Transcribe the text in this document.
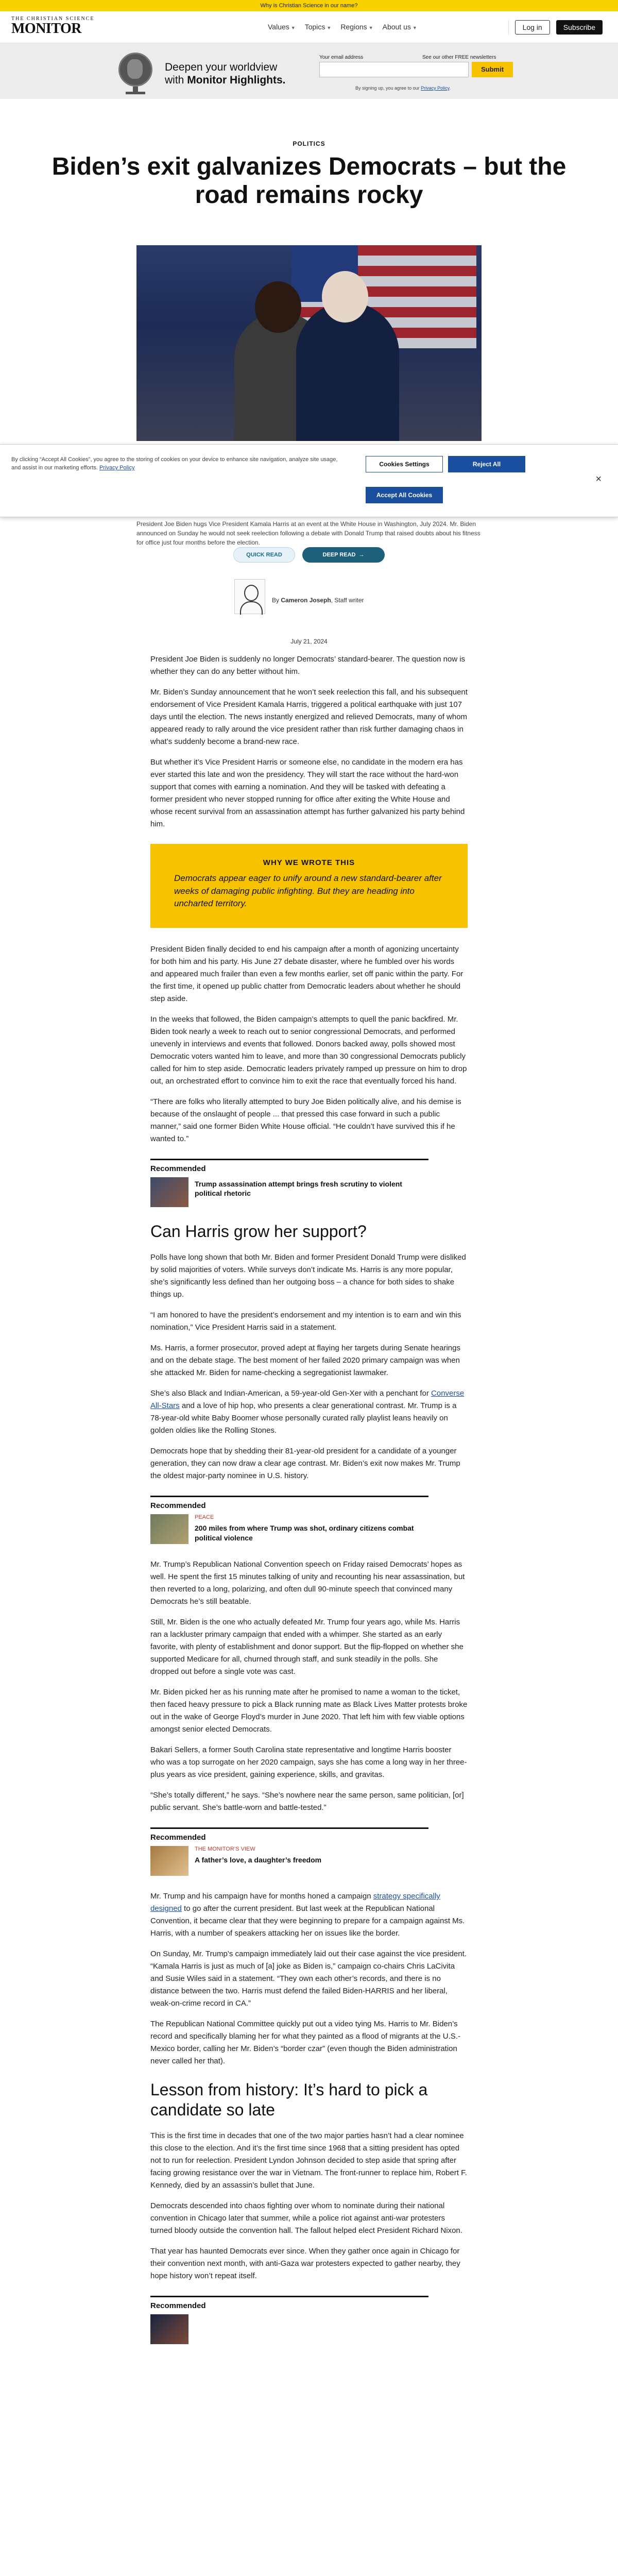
Why is Christian Science in our name?
THE CHRISTIAN SCIENCE
MONITOR	Values ▼ Topics ▼ Regions ▼ About us ▼	Log in	Subscribe
Deepen your worldview
with Monitor Highlights.
Your email address	See our other FREE newsletters
Submit
By signing up, you agree to our Privacy Policy.
POLITICS
Biden’s exit galvanizes Democrats – but the road remains rocky
President Joe Biden hugs Vice President Kamala Harris at an event at the White House in Washington, July 2024. Mr. Biden announced on Sunday he would not seek reelection following a debate with Donald Trump that raised doubts about his fitness for office just four months before the election.
QUICK READ	DEEP READ →
By Cameron Joseph, Staff writer
July 21, 2024

President Joe Biden is suddenly no longer Democrats’ standard-bearer. The question now is whether they can do any better without him.

Mr. Biden’s Sunday announcement that he won’t seek reelection this fall, and his subsequent endorsement of Vice President Kamala Harris, triggered a political earthquake with just 107 days until the election. The news instantly energized and relieved Democrats, many of whom appeared ready to rally around the vice president rather than risk further damaging chaos in what’s suddenly become a brand-new race.

But whether it’s Vice President Harris or someone else, no candidate in the modern era has ever started this late and won the presidency. They will start the race without the hard-won support that comes with earning a nomination. And they will be tasked with defeating a former president who never stopped running for office after exiting the White House and whose recent survival from an assassination attempt has further galvanized his party behind him.

WHY WE WROTE THIS
Democrats appear eager to unify around a new standard-bearer after weeks of damaging public infighting. But they are heading into uncharted territory.

President Biden finally decided to end his campaign after a month of agonizing uncertainty for both him and his party. His June 27 debate disaster, where he fumbled over his words and appeared much frailer than even a few months earlier, set off panic within the party. For the first time, it opened up public chatter from Democratic leaders about whether he should step aside.

In the weeks that followed, the Biden campaign’s attempts to quell the panic backfired. Mr. Biden took nearly a week to reach out to senior congressional Democrats, and performed unevenly in interviews and events that followed. Donors backed away, polls showed most Democratic voters wanted him to leave, and more than 30 congressional Democrats publicly called for him to step aside. Democratic leaders privately ramped up pressure on him to drop out, an orchestrated effort to convince him to exit the race that eventually forced his hand.

“There are folks who literally attempted to bury Joe Biden politically alive, and his demise is because of the onslaught of people ... that pressed this case forward in such a public manner,” said one former Biden White House official. “He couldn’t have survived this if he wanted to.”

Recommended
Trump assassination attempt brings fresh scrutiny to violent political rhetoric
Can Harris grow her support?

Polls have long shown that both Mr. Biden and former President Donald Trump were disliked by solid majorities of voters. While surveys don’t indicate Ms. Harris is any more popular, she’s significantly less defined than her outgoing boss – a chance for both sides to shake things up.

“I am honored to have the president’s endorsement and my intention is to earn and win this nomination,” Vice President Harris said in a statement.

Ms. Harris, a former prosecutor, proved adept at flaying her targets during Senate hearings and on the debate stage. The best moment of her failed 2020 primary campaign was when she attacked Mr. Biden for name-checking a segregationist lawmaker.

She’s also Black and Indian-American, a 59-year-old Gen-Xer with a penchant for Converse All-Stars and a love of hip hop, who presents a clear generational contrast. Mr. Trump is a 78-year-old white Baby Boomer whose personally curated rally playlist leans heavily on golden oldies like the Rolling Stones.

Democrats hope that by shedding their 81-year-old president for a candidate of a younger generation, they can now draw a clear age contrast. Mr. Biden’s exit now makes Mr. Trump the oldest major-party nominee in U.S. history.

Recommended
PEACE
200 miles from where Trump was shot, ordinary citizens combat political violence

Mr. Trump’s Republican National Convention speech on Friday raised Democrats’ hopes as well. He spent the first 15 minutes talking of unity and recounting his near assassination, but then reverted to a long, polarizing, and often dull 90-minute speech that convinced many Democrats he’s still beatable.

Still, Mr. Biden is the one who actually defeated Mr. Trump four years ago, while Ms. Harris ran a lackluster primary campaign that ended with a whimper. She started as an early favorite, with plenty of establishment and donor support. But the flip-flopped on whether she supported Medicare for all, churned through staff, and sunk steadily in the polls. She dropped out before a single vote was cast.

Mr. Biden picked her as his running mate after he promised to name a woman to the ticket, then faced heavy pressure to pick a Black running mate as Black Lives Matter protests broke out in the wake of George Floyd’s murder in June 2020. That left him with few viable options amongst senior elected Democrats.

Bakari Sellers, a former South Carolina state representative and longtime Harris booster who was a top surrogate on her 2020 campaign, says she has come a long way in her three-plus years as vice president, gaining experience, skills, and gravitas.

“She’s totally different,” he says. “She’s nowhere near the same person, same politician, [or] public servant. She’s battle-worn and battle-tested.”

Recommended
THE MONITOR’S VIEW
A father’s love, a daughter’s freedom

Mr. Trump and his campaign have for months honed a campaign strategy specifically designed to go after the current president. But last week at the Republican National Convention, it became clear that they were beginning to prepare for a campaign against Ms. Harris, with a number of speakers attacking her on issues like the border.

On Sunday, Mr. Trump’s campaign immediately laid out their case against the vice president. “Kamala Harris is just as much of [a] joke as Biden is,” campaign co-chairs Chris LaCivita and Susie Wiles said in a statement. “They own each other’s records, and there is no distance between the two. Harris must defend the failed Biden-HARRIS and her liberal, weak-on-crime record in CA.”

The Republican National Committee quickly put out a video tying Ms. Harris to Mr. Biden’s record and specifically blaming her for what they painted as a flood of migrants at the U.S.-Mexico border, calling her Mr. Biden’s “border czar” (even though the Biden administration never called her that).

Lesson from history: It’s hard to pick a candidate so late

This is the first time in decades that one of the two major parties hasn’t had a clear nominee this close to the election. And it’s the first time since 1968 that a sitting president has opted not to run for reelection. President Lyndon Johnson decided to step aside that spring after facing growing resistance over the war in Vietnam. The front-runner to replace him, Robert F. Kennedy, died by an assassin’s bullet that June.

Democrats descended into chaos fighting over whom to nominate during their national convention in Chicago later that summer, while a police riot against anti-war protesters turned bloody outside the convention hall. The fallout helped elect President Richard Nixon.

That year has haunted Democrats ever since. When they gather once again in Chicago for their convention next month, with anti-Gaza war protesters expected to gather nearby, they hope history won’t repeat itself.

Recommended
By clicking “Accept All Cookies”, you agree to the storing of cookies on your device to enhance site navigation, analyze site usage, and assist in our marketing efforts. Privacy Policy	Cookies Settings	Reject All
Accept All Cookies
×
